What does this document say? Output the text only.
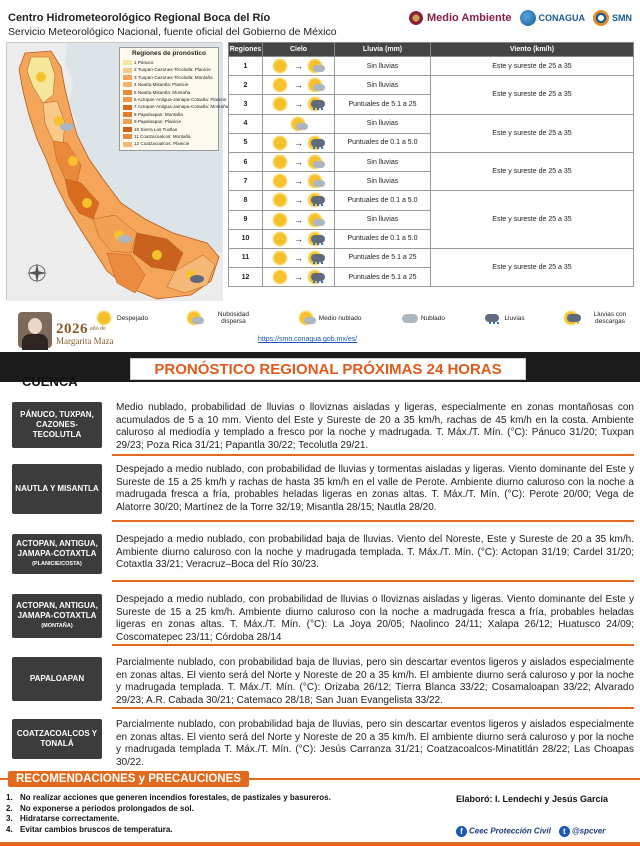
Centro Hidrometeorológico Regional Boca del Río
Servicio Meteorológico Nacional, fuente oficial del Gobierno de México
Medio Ambiente	CONAGUA	SMN
Regiones de pronóstico
1 Pánuco
2 Tuxpan-Cazones-Tecolutla: Planicie
3 Tuxpan-Cazones-Tecolutla: Montaña
4 Nautla-Misantla: Planicie
5 Nautla-Misantla: Montaña
6 Actopan-Antigua-Jamapa-Cotaxtla: Planicie
7 Actopan-Antigua-Jamapa-Cotaxtla: Montaña
8 Papaloapan: Montaña
9 Papaloapan: Planicie
10 Sierra Los Tuxtlas
11 Coatzacoalcos: Montaña
12 Coatzacoalcos: Planicie
Regiones	Cielo	Lluvia (mm)	Viento (km/h)
1	→	Sin lluvias	Este y sureste de 25 a 35
2	→	Sin lluvias	Este y sureste de 25 a 35
3	→	Puntuales de 5.1 a 25	
4		Sin lluvias	Este y sureste de 25 a 35
5	→	Puntuales de 0.1 a 5.0	
6	→	Sin lluvias	Este y sureste de 25 a 35
7	→	Sin lluvias	
8	→	Puntuales de 0.1 a 5.0	Este y sureste de 25 a 35
9	→	Sin lluvias	
10	→	Puntuales de 0.1 a 5.0	
11	→	Puntuales de 5.1 a 25	Este y sureste de 25 a 35
12	→	Puntuales de 5.1 a 25	
Despejado	Nubosidad dispersa	Medio nublado	Nublado	Lluvias	Lluvias con descargas
https://smn.conagua.gob.mx/es/
2026 año de
Margarita Maza
PRONÓSTICO REGIONAL PRÓXIMAS 24 HORAS
CUENCA
PÁNUCO, TUXPAN, CAZONES-TECOLUTLA
Medio nublado, probabilidad de lluvias o lloviznas aisladas y ligeras, especialmente en zonas montañosas con acumulados de 5 a 10 mm. Viento del Este y Sureste de 20 a 35 km/h, rachas de 45 km/h en la costa. Ambiente caluroso al mediodía y templado a fresco por la noche y madrugada. T. Máx./T. Mín. (°C): Pánuco 31/20; Tuxpan 29/23; Poza Rica 31/21; Papantla 30/22; Tecolutla 29/21.
NAUTLA Y MISANTLA
Despejado a medio nublado, con probabilidad de lluvias y tormentas aisladas y ligeras. Viento dominante del Este y Sureste de 15 a 25 km/h y rachas de hasta 35 km/h en el valle de Perote. Ambiente diurno caluroso con la noche a madrugada fresca a fría, probables heladas ligeras en zonas altas. T. Máx./T. Mín. (°C): Perote 20/00; Vega de Alatorre 30/20; Martínez de la Torre 32/19; Misantla 28/15; Nautla 28/20.
ACTOPAN, ANTIGUA, JAMAPA-COTAXTLA
(PLANICIE/COSTA)
Despejado a medio nublado, con probabilidad baja de lluvias. Viento del Noreste, Este y Sureste de 20 a 35 km/h. Ambiente diurno caluroso con la noche y madrugada templada. T. Máx./T. Mín. (°C): Actopan 31/19; Cardel 31/20; Cotaxtla 33/21; Veracruz–Boca del Río 30/23.
ACTOPAN, ANTIGUA, JAMAPA-COTAXTLA
(MONTAÑA)
Despejado a medio nublado, con probabilidad de lluvias o lloviznas aisladas y ligeras. Viento dominante del Este y Sureste de 15 a 25 km/h. Ambiente diurno caluroso con la noche a madrugada fresca a fría, probables heladas ligeras en zonas altas. T. Máx./T. Mín. (°C): La Joya 20/05; Naolinco 24/11; Xalapa 26/12; Huatusco 24/09; Coscomatepec 23/11; Córdoba 28/14
PAPALOAPAN
Parcialmente nublado, con probabilidad baja de lluvias, pero sin descartar eventos ligeros y aislados especialmente en zonas altas. El viento será del Norte y Noreste de 20 a 35 km/h. El ambiente diurno será caluroso y por la noche y madrugada templada. T. Máx./T. Mín. (°C): Orizaba 26/12; Tierra Blanca 33/22; Cosamaloapan 33/22; Alvarado 29/23; A.R. Cabada 30/21; Catemaco 28/18; San Juan Evangelista 33/22.
COATZACOALCOS Y TONALÁ
Parcialmente nublado, con probabilidad baja de lluvias, pero sin descartar eventos ligeros y aislados especialmente en zonas altas. El viento será del Norte y Noreste de 20 a 35 km/h. El ambiente diurno será caluroso y por la noche y madrugada templada T. Máx./T. Mín. (°C): Jesús Carranza 31/21; Coatzacoalcos-Minatitlán 28/22; Las Choapas 30/22.
RECOMENDACIONES y PRECAUCIONES
1. No realizar acciones que generen incendios forestales, de pastizales y basureros.
2. No exponerse a periodos prolongados de sol.
3. Hidratarse correctamente.
4. Evitar cambios bruscos de temperatura.
Elaboró: I. Lendechi y Jesús García
f Ceec Protección Civil	t @spcver
